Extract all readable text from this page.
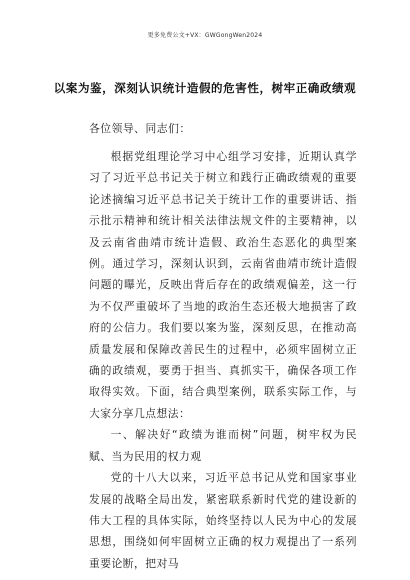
更多免费公文+VX：GWGongWen2024
以案为鉴，深刻认识统计造假的危害性，树牢正确政绩观
各位领导、同志们：

根据党组理论学习中心组学习安排，近期认真学习了习近平总书记关于树立和践行正确政绩观的重要论述摘编习近平总书记关于统计工作的重要讲话、指示批示精神和统计相关法律法规文件的主要精神，以及云南省曲靖市统计造假、政治生态恶化的典型案例。通过学习，深刻认识到，云南省曲靖市统计造假问题的曝光，反映出背后存在的政绩观偏差，这一行为不仅严重破坏了当地的政治生态还极大地损害了政府的公信力。我们要以案为鉴，深刻反思，在推动高质量发展和保障改善民生的过程中，必须牢固树立正确的政绩观，要勇于担当、真抓实干，确保各项工作取得实效。下面，结合典型案例，联系实际工作，与大家分享几点想法：

一、解决好“政绩为谁而树”问题，树牢权为民赋、当为民用的权力观

党的十八大以来，习近平总书记从党和国家事业发展的战略全局出发，紧密联系新时代党的建设新的伟大工程的具体实际，始终坚持以人民为中心的发展思想，围绕如何牢固树立正确的权力观提出了一系列重要论断，把对马
